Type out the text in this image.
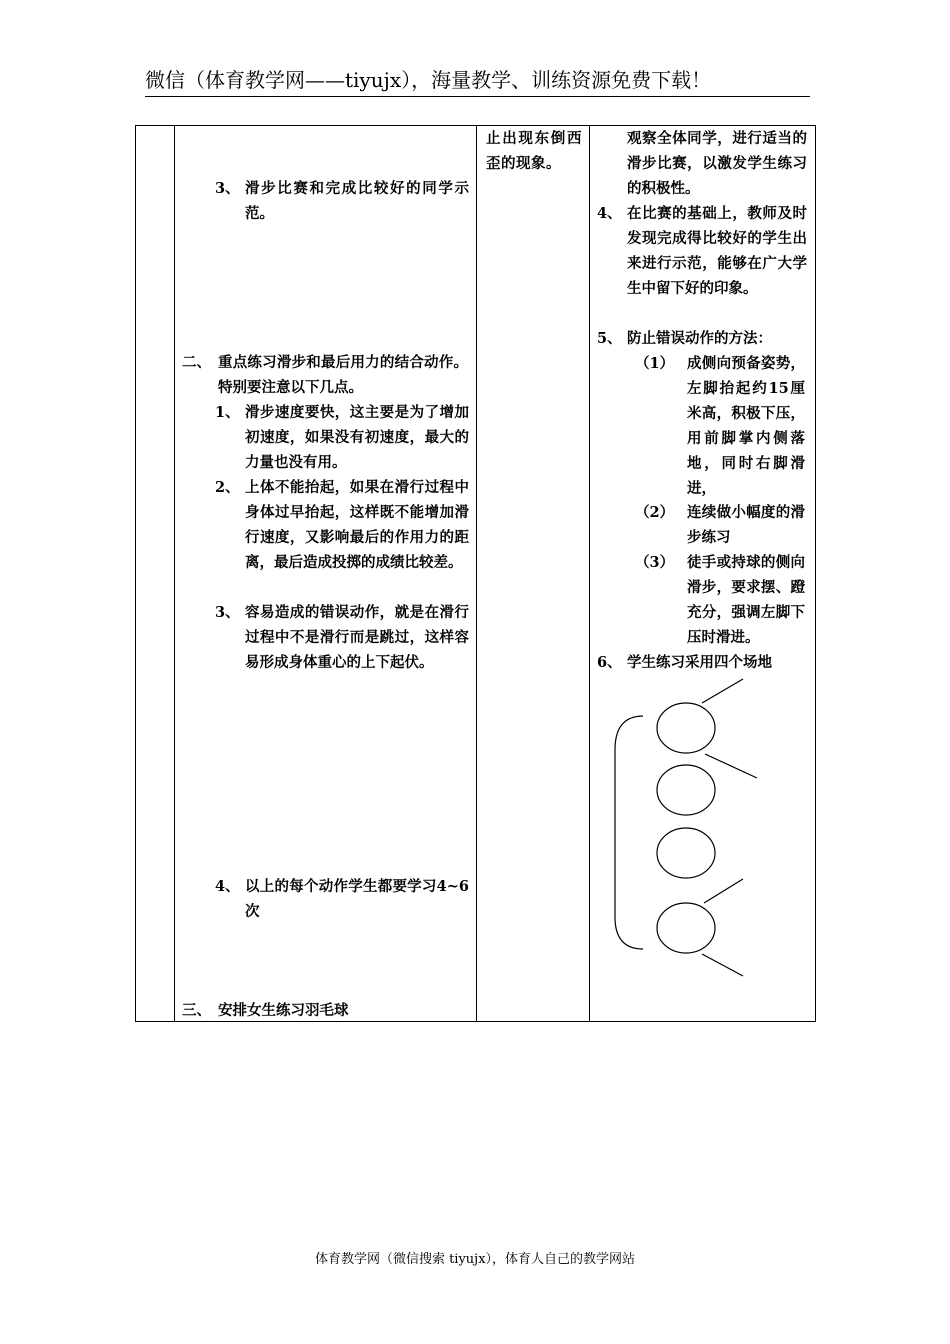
微信（体育教学网——tiyujx），海量教学、训练资源免费下载！
3、 滑步比赛和完成比较好的同学示范。
二、 重点练习滑步和最后用力的结合动作。特别要注意以下几点。
1、 滑步速度要快，这主要是为了增加初速度，如果没有初速度，最大的力量也没有用。
2、 上体不能抬起，如果在滑行过程中身体过早抬起，这样既不能增加滑行速度，又影响最后的作用力的距离，最后造成投掷的成绩比较差。
3、 容易造成的错误动作，就是在滑行过程中不是滑行而是跳过，这样容易形成身体重心的上下起伏。
4、 以上的每个动作学生都要学习4~6次
三、 安排女生练习羽毛球
止出现东倒西歪的现象。
观察全体同学，进行适当的滑步比赛，以激发学生练习的积极性。
4、 在比赛的基础上，教师及时发现完成得比较好的学生出来进行示范，能够在广大学生中留下好的印象。
5、 防止错误动作的方法：
（1） 成侧向预备姿势，左脚抬起约15厘米高，积极下压，用前脚掌内侧落地，同时右脚滑进，
（2） 连续做小幅度的滑步练习
（3） 徒手或持球的侧向滑步，要求摆、蹬充分，强调左脚下压时滑进。
6、 学生练习采用四个场地
体育教学网（微信搜索 tiyujx），体育人自己的教学网站
